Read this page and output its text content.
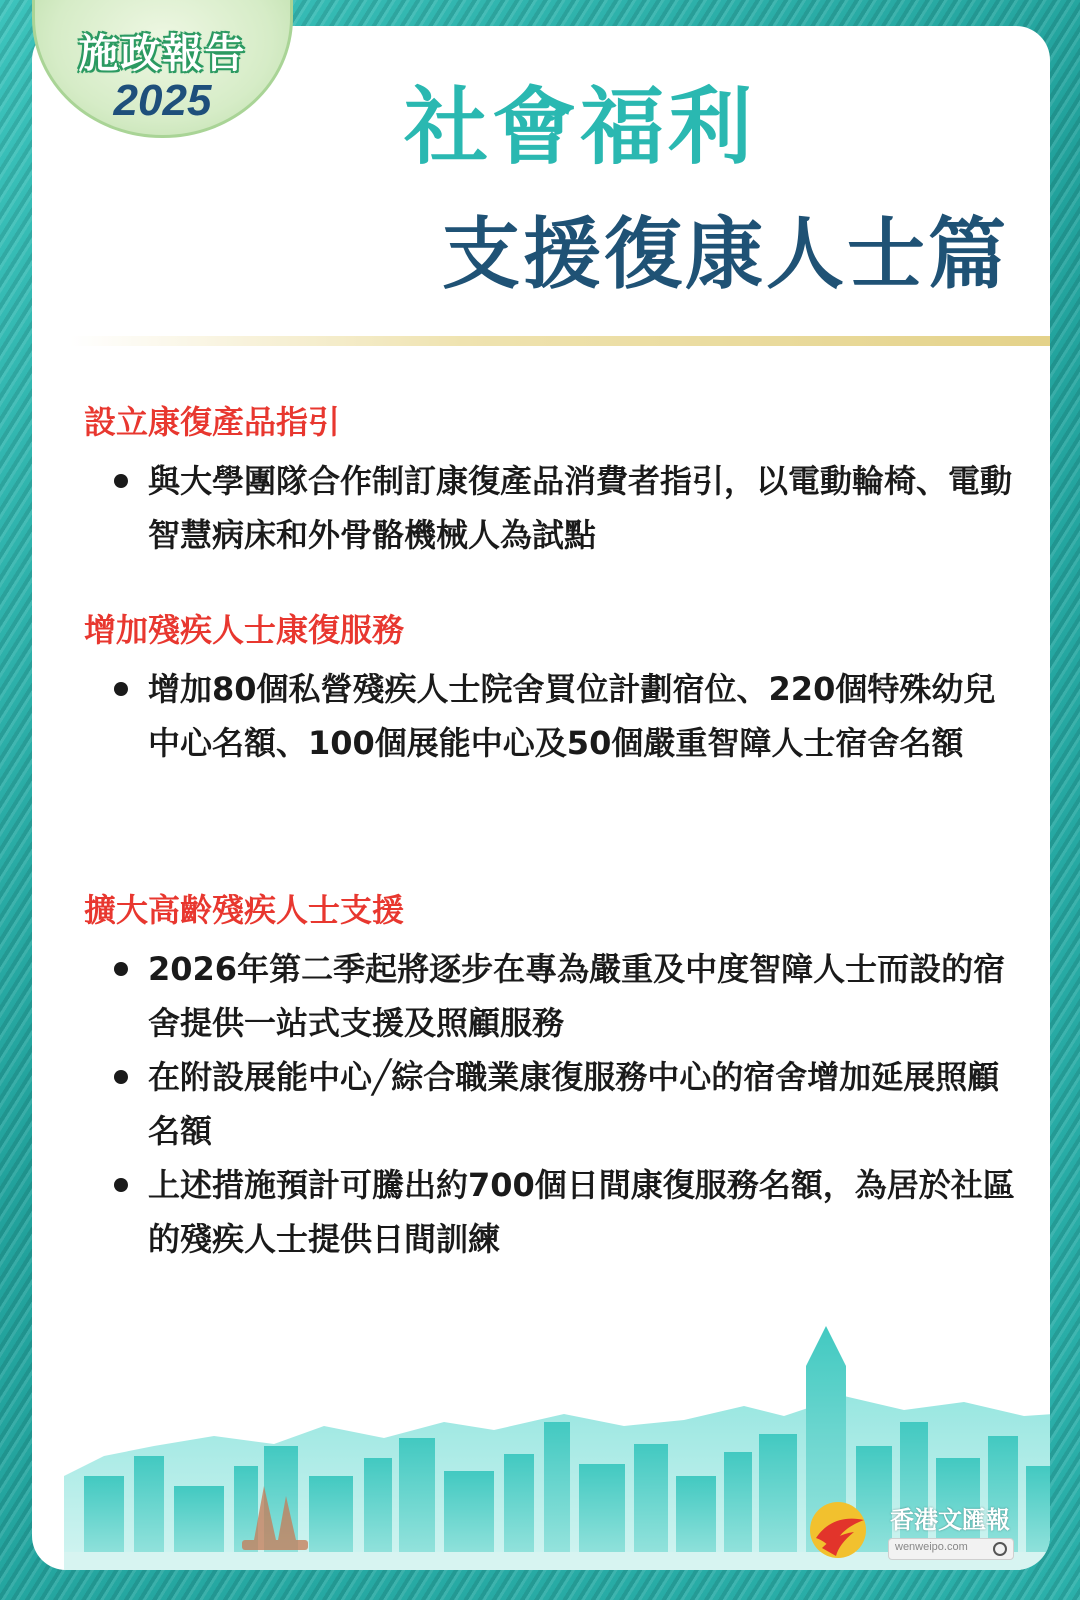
香港文匯報
wenweipo.com
施政報告
2025	社會福利
支援復康人士篇
設立康復產品指引
與大學團隊合作制訂康復產品消費者指引，以電動輪椅、電動智慧病床和外骨骼機械人為試點
增加殘疾人士康復服務
增加80個私營殘疾人士院舍買位計劃宿位、220個特殊幼兒中心名額、100個展能中心及50個嚴重智障人士宿舍名額
擴大高齡殘疾人士支援
2026年第二季起將逐步在專為嚴重及中度智障人士而設的宿舍提供一站式支援及照顧服務
在附設展能中心╱綜合職業康復服務中心的宿舍增加延展照顧名額
上述措施預計可騰出約700個日間康復服務名額，為居於社區的殘疾人士提供日間訓練
